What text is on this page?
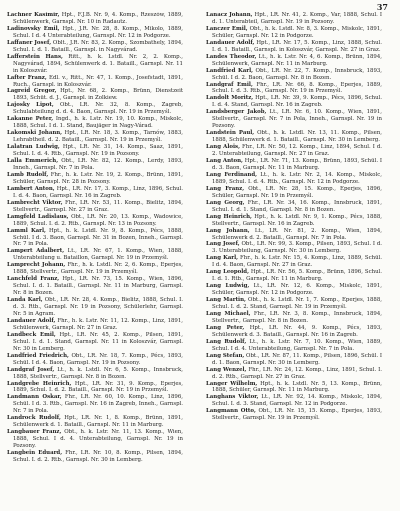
37

Lachner Kasimir, Hpt., F.J.B. Nr. 9, 4. Komp., Rzeszów, 1889, Schülenwerk, Garnspl. Nr. 10 in Radautz.

Ladinovsky Emil, Hpt., J.R. Nr. 28, 8. Komp., Mikolo, 1889, Schul. I d. 4 Unterabteilung, Garnspl. Nr. 12 in Podgorze.

Laffaner Josef, Oblt., J.R. Nr. 83, 2. Komp., Szombathely, 1894, Schul. I. d. 1. Bataill., Garnspl. in Nagyvárad.

Lafferstein Hans, Ritt., h. k. Lstdl. Nr. 2, 2. Komp., Nagyvárad, 1894, Schülenwerk d. 1. Bataill., Garnspl. Nr. 11 in Koloszvár.

Lafter Franz, Edl. v., Ritt., Nr. 47, 1. Komp., Josefstadt, 1891, Ruch., Garnspl. in Koloszvár.

Lagreid Gregor, Hpt., Nr. 68, 2. Komp., Brünn, Dienstzeit 1893, Schüt. d. J., Garnspl. in Zolkiew.

Lajosky Lipot, Obt., LR. Nr. 32, 8. Komp., Zagreb, Schulabteilung d. d. 4. Baon, Garnspl. Nr. 19 in Przemyśl.

Lakanne Peter, Ingd., h. k. Lstr. Nr. 19, 10. Komp., Miskolc, 1888, Schul. I d. 1. Stand, Baujäger in Nagy-Várad.

Lakomski Johann, Hpt., LR. Nr. 18, 3. Komp., Tarnów, 1883, Lehrabtheil. d. 2. Bataill., Garnspl. Nr. 19 in Przemyśl.

Lalatran Ludwig, Hpt., LR. Nr. 31, 14. Komp., Saaz, 1891, Schul. I. d. 4. Rtb., Garnspl. Nr. 19 in Pozsony.

Lalla Emmerich, Obt., LR. Nr. 82, 12. Komp., Lerdy, 1893, Inneh., Garnspl. Nr. 7 in Pola.

Lamb Rudolf, Fhr., h. k. Lstr. Nr. 19, 2. Komp., Brünn, 1891, Schüler, Garnspl. Nr. 28 in Pozsony.

Lambert Anton, Hpt., LR. Nr. 17, 3. Komp., Linz, 1896, Schul. I. d. 4. Baon, Garnspl. Nr. 16 in Zagreb.

Lambrecht Viktor, Fhr., LR. Nr. 53, 11. Komp., Bielitz, 1894, Stellvertr., Garnspl. Nr. 27 in Graz.

Lamgfeld Ladislaus, Obt., LR. Nr. 20, 13. Komp., Wadowice, 1889, Schul. I. d. 2. Rtb., Garnspl. Nr. 13 in Pozsony.

Lamml Karl, Hpt., h. k. Lstdl. Nr. 9, 8. Komp., Pécs, 1888, Schül. I d. 3. Baon, Garnspl. Nr. 31 in Bozen, Inneh., Garnspl. Nr. 7 in Pola.

Lampert Adalbert, Lt., LR. Nr. 67, 1. Komp., Wien, 1888, Unterabteilung u. Bataillon, Garnspl. Nr. 19 in Przemyśl.

Lamprecht Johann, Fhr., h. k. Lstdl. Nr. 2, 6. Komp., Eperjes, 1888, Stellvertr., Garnspl. Nr. 19 in Przemyśl.

Lanchfeld Franz, Hpt., LR. Nr. 73, 15. Komp., Wien, 1896, Schul. I. d. 1. Bataill., Garnspl. Nr. 11 in Marburg, Garnspl. Nr. 8 in Bozen.

Landa Karl, Obt., LR. Nr. 28, 4. Komp., Bielitz, 1888, Schul. I. d. 3. Rtb., Garnspl. Nr. 19 in Pozsony, Schülerlehr, Garnspl. Nr. 5 in Agram.

Landauer Adolf, Fhr., h. k. Lstr. Nr. 11, 12. Komp., Linz, 1891, Schülenwerk, Garnspl. Nr. 27 in Graz.

Landbeck Emil, Hpt., LR. Nr. 45, 2. Komp., Pilsen, 1891, Schul. I. d. 1. Stand, Garnspl. Nr. 11 in Koloszvár, Garnspl. Nr. 30 in Lemberg.

Landfried Friedrich, Obt., LR. Nr. 18, 7. Komp., Pécs, 1893, Schül. I d. 4. Baon, Garnspl. Nr. 19 in Pozsony.

Landgraf Josef, Lt., h. k. Lstdl. Nr. 6, 5. Komp., Innsbruck, 1888, Stellvertr., Garnspl. Nr. 8 in Bozen.

Landgrebe Heinrich, Hpt., LR. Nr. 31, 9. Komp., Eperjes, 1889, Schul. I. d. 2. Bataill., Garnspl. Nr. 19 in Przemyśl.

Landmann Oskar, Fhr., LR. Nr. 60, 10. Komp., Linz, 1896, Schül. I d. 3. Rtb., Garnspl. Nr. 16 in Zagreb, Inneh., Garnspl. Nr. 7 in Pola.

Landrock Rudolf, Hpt., LR. Nr. 1, 8. Komp., Brünn, 1891, Schülenwerk d. 1. Bataill., Garnspl. Nr. 11 in Marburg.

Langbauer Franz, Obt., h. k. Lstr. Nr. 11, 13. Komp., Wien, 1888, Schul. I d. 4. Unterabteilung, Garnspl. Nr. 19 in Pozsony.

Langbein Eduard, Fhr., LR. Nr. 10, 8. Komp., Pilsen, 1894, Schul. I. d. 2. Rtb., Garnspl. Nr. 30 in Lemberg.

Lanacz Johann, Hpt., LR. Nr. 41, 2. Komp., Var, 1888, Schul. I d. 1. Unterabteil, Garnspl. Nr. 19 in Pozsony.

Lanczer Emil, Obt., h. k. Lstdl. Nr. 8, 3. Komp., Miskolc, 1891, Schüler, Garnspl. Nr. 12 in Podgorze.

Landauer Adolf, Hpt., LR. Nr. 17, 5. Komp., Linz, 1888, Schul. I. d. 1. Bataill., Garnspl. in Koloszvár, Garnspl. Nr. 27 in Graz.

Landes Theodor, Lt., h. k. Lstr. Nr. 4, 6. Komp., Brünn, 1894, Schülenwerk, Garnspl. Nr. 11 in Marburg.

Landfried Karl, Obt., LR. Nr. 22, 7. Komp., Innsbruck, 1893, Schül. I d. 2. Baon, Garnspl. Nr. 8 in Bozen.

Landgraf Emil, Fhr., LR. Nr. 66, 8. Komp., Eperjes, 1889, Schul. I. d. 3. Rtb., Garnspl. Nr. 19 in Przemyśl.

Landolt Moritz, Hpt., LR. Nr. 39, 9. Komp., Pécs, 1896, Schul. I. d. 4. Stand, Garnspl. Nr. 16 in Zagreb.

Landsberger Jakob, Lt., LR. Nr. 6, 10. Komp., Wien, 1891, Stellvertr., Garnspl. Nr. 7 in Pola, Inneh., Garnspl. Nr. 19 in Pozsony.

Landstein Paul, Obt., h. k. Lstdl. Nr. 13, 11. Komp., Pilsen, 1888, Schülenwerk d. 1. Bataill., Garnspl. Nr. 30 in Lemberg.

Lang Alois, Fhr., LR. Nr. 50, 12. Komp., Linz, 1894, Schul. I d. 2. Unterabteilung, Garnspl. Nr. 27 in Graz.

Lang Anton, Hpt., LR. Nr. 71, 13. Komp., Brünn, 1893, Schül. I d. 3. Baon, Garnspl. Nr. 11 in Marburg.

Lang Ferdinand, Lt., h. k. Lstr. Nr. 2, 14. Komp., Miskolc, 1889, Schul. I. d. 4. Rtb., Garnspl. Nr. 12 in Podgorze.

Lang Franz, Obt., LR. Nr. 28, 15. Komp., Eperjes, 1896, Schüler, Garnspl. Nr. 19 in Przemyśl.

Lang Georg, Fhr., LR. Nr. 34, 16. Komp., Innsbruck, 1891, Schul. I. d. 1. Stand, Garnspl. Nr. 8 in Bozen.

Lang Heinrich, Hpt., h. k. Lstdl. Nr. 9, 1. Komp., Pécs, 1888, Stellvertr., Garnspl. Nr. 16 in Zagreb.

Lang Johann, Lt., LR. Nr. 81, 2. Komp., Wien, 1894, Schülenwerk d. 2. Bataill., Garnspl. Nr. 7 in Pola.

Lang Josef, Obt., LR. Nr. 99, 3. Komp., Pilsen, 1893, Schul. I d. 3. Unterabteilung, Garnspl. Nr. 30 in Lemberg.

Lang Karl, Fhr., h. k. Lstr. Nr. 15, 4. Komp., Linz, 1889, Schül. I d. 4. Baon, Garnspl. Nr. 27 in Graz.

Lang Leopold, Hpt., LR. Nr. 56, 5. Komp., Brünn, 1896, Schul. I. d. 1. Rtb., Garnspl. Nr. 11 in Marburg.

Lang Ludwig, Lt., LR. Nr. 12, 6. Komp., Miskolc, 1891, Schüler, Garnspl. Nr. 12 in Podgorze.

Lang Martin, Obt., h. k. Lstdl. Nr. 1, 7. Komp., Eperjes, 1888, Schul. I. d. 2. Stand, Garnspl. Nr. 19 in Przemyśl.

Lang Michael, Fhr., LR. Nr. 3, 8. Komp., Innsbruck, 1894, Stellvertr., Garnspl. Nr. 8 in Bozen.

Lang Peter, Hpt., LR. Nr. 44, 9. Komp., Pécs, 1893, Schülenwerk d. 3. Bataill., Garnspl. Nr. 16 in Zagreb.

Lang Rudolf, Lt., h. k. Lstr. Nr. 7, 10. Komp., Wien, 1889, Schul. I d. 4. Unterabteilung, Garnspl. Nr. 7 in Pola.

Lang Stefan, Obt., LR. Nr. 87, 11. Komp., Pilsen, 1896, Schül. I d. 1. Baon, Garnspl. Nr. 30 in Lemberg.

Lang Wenzel, Fhr., LR. Nr. 24, 12. Komp., Linz, 1891, Schul. I. d. 2. Rtb., Garnspl. Nr. 27 in Graz.

Langer Wilhelm, Hpt., h. k. Lstdl. Nr. 5, 13. Komp., Brünn, 1888, Schüler, Garnspl. Nr. 11 in Marburg.

Langhans Viktor, Lt., LR. Nr. 92, 14. Komp., Miskolc, 1894, Schul. I. d. 3. Stand, Garnspl. Nr. 12 in Podgorze.

Langmann Otto, Obt., LR. Nr. 15, 15. Komp., Eperjes, 1893, Stellvertr., Garnspl. Nr. 19 in Przemyśl.
